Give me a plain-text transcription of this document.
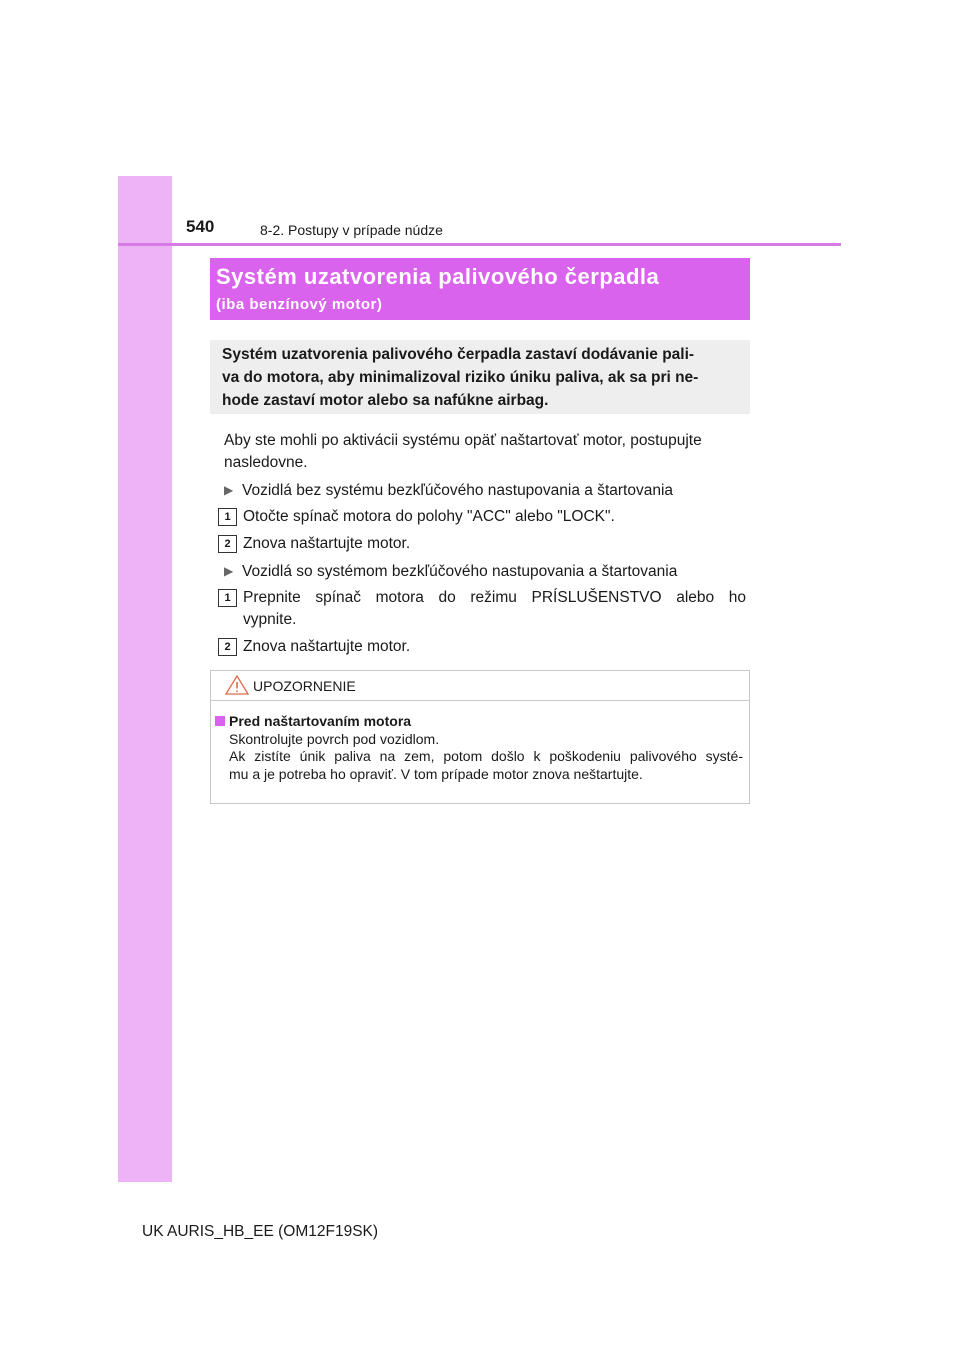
540	8-2. Postupy v prípade núdze
Systém uzatvorenia palivového čerpadla
(iba benzínový motor)
Systém uzatvorenia palivového čerpadla zastaví dodávanie pali-
va do motora, aby minimalizoval riziko úniku paliva, ak sa pri ne-
hode zastaví motor alebo sa nafúkne airbag.
Aby ste mohli po aktivácii systému opäť naštartovať motor, postupujte
nasledovne.
▶ Vozidlá bez systému bezkľúčového nastupovania a štartovania
1 Otočte spínač motora do polohy "ACC" alebo "LOCK".
2 Znova naštartujte motor.
▶ Vozidlá so systémom bezkľúčového nastupovania a štartovania
1 Prepnite spínač motora do režimu PRÍSLUŠENSTVO alebo ho
vypnite.
2 Znova naštartujte motor.
UPOZORNENIE
Pred naštartovaním motora
Skontrolujte povrch pod vozidlom.
Ak zistíte únik paliva na zem, potom došlo k poškodeniu palivového systé-
mu a je potreba ho opraviť. V tom prípade motor znova neštartujte.
UK AURIS_HB_EE (OM12F19SK)
